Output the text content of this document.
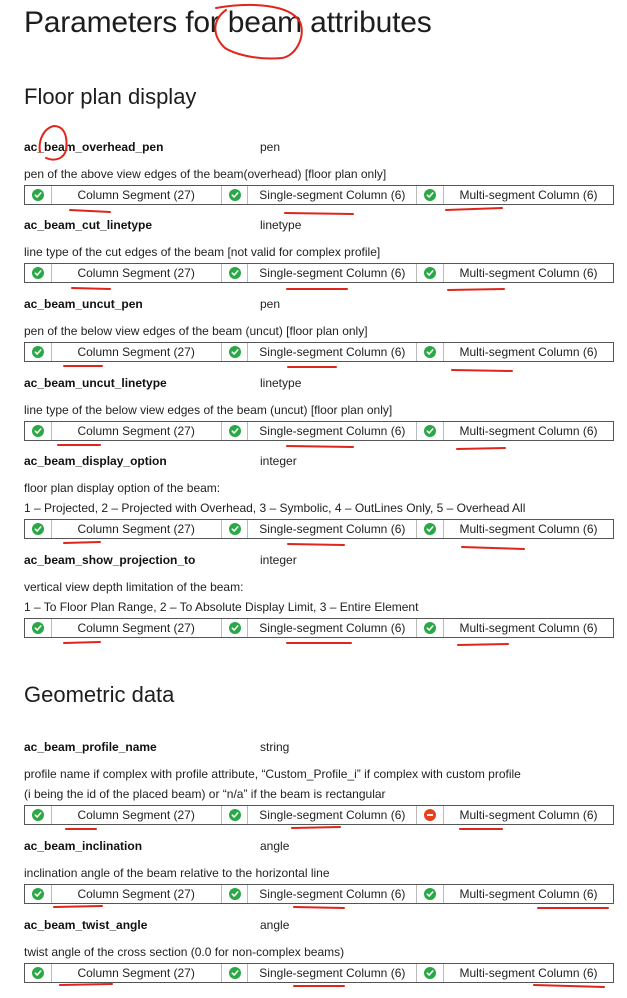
Parameters for beam attributes
Floor plan display
ac_beam_overhead_pen	pen
pen of the above view edges of the beam(overhead) [floor plan only]
Column Segment (27)	Single-segment Column (6)	Multi-segment Column (6)
ac_beam_cut_linetype	linetype
line type of the cut edges of the beam [not valid for complex profile]
Column Segment (27)	Single-segment Column (6)	Multi-segment Column (6)
ac_beam_uncut_pen	pen
pen of the below view edges of the beam (uncut) [floor plan only]
Column Segment (27)	Single-segment Column (6)	Multi-segment Column (6)
ac_beam_uncut_linetype	linetype
line type of the below view edges of the beam (uncut) [floor plan only]
Column Segment (27)	Single-segment Column (6)	Multi-segment Column (6)
ac_beam_display_option	integer
floor plan display option of the beam:
1 – Projected, 2 – Projected with Overhead, 3 – Symbolic, 4 – OutLines Only, 5 – Overhead All
Column Segment (27)	Single-segment Column (6)	Multi-segment Column (6)
ac_beam_show_projection_to	integer
vertical view depth limitation of the beam:
1 – To Floor Plan Range, 2 – To Absolute Display Limit, 3 – Entire Element
Column Segment (27)	Single-segment Column (6)	Multi-segment Column (6)
Geometric data
ac_beam_profile_name	string
profile name if complex with profile attribute, “Custom_Profile_i” if complex with custom profile
(i being the id of the placed beam) or “n/a” if the beam is rectangular
Column Segment (27)	Single-segment Column (6)	Multi-segment Column (6)
ac_beam_inclination	angle
inclination angle of the beam relative to the horizontal line
Column Segment (27)	Single-segment Column (6)	Multi-segment Column (6)
ac_beam_twist_angle	angle
twist angle of the cross section (0.0 for non-complex beams)
Column Segment (27)	Single-segment Column (6)	Multi-segment Column (6)
